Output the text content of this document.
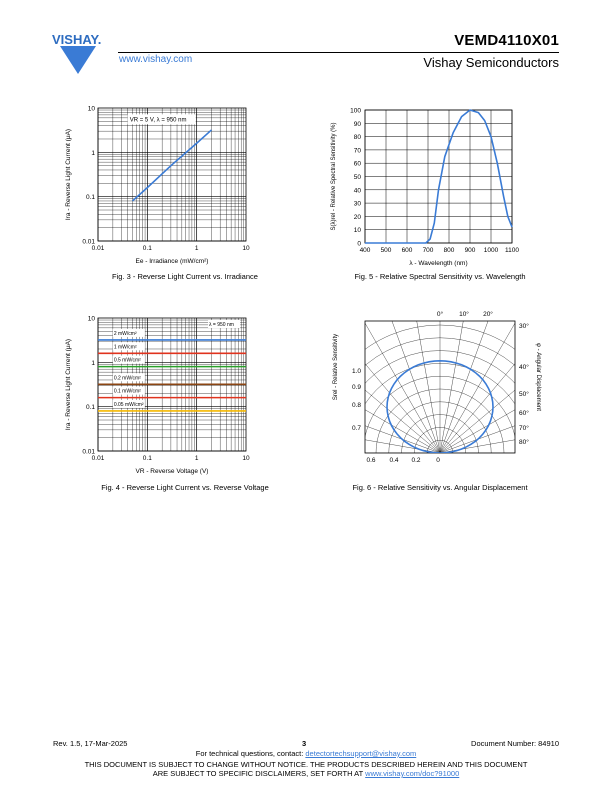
VISHAY.	VEMD4110X01
www.vishay.com	Vishay Semiconductors
0.01	0.1	1	10
0.01
0.1
1
10
Ee - Irradiance (mW/cm²)
Ira - Reverse Light Current (μA)
VR = 5 V, λ = 950 nm
Fig. 3 - Reverse Light Current vs. Irradiance
400 500 600 700 800 900 1000 1100
0
10
20
30
40
50
60
70
80
90
100
λ - Wavelength (nm)
S(λ)rel - Relative Spectral Sensitivity (%)
Fig. 5 - Relative Spectral Sensitivity vs. Wavelength
0.01	0.1	1	10
0.01
0.1
1
10
VR - Reverse Voltage (V)
Ira - Reverse Light Current (μA)
2 mW/cm²
1 mW/cm²
0.5 mW/cm²
0.2 mW/cm²
0.1 mW/cm²
0.05 mW/cm²
λ = 950 nm
Fig. 4 - Reverse Light Current vs. Reverse Voltage
0° 10° 20°
30°
40°
50°
60°
70°
80°
1.0
0.9
0.8
0.7
0.6 0.4 0.2 0
Srel - Relative Sensitivity	φ - Angular Displacement
Fig. 6 - Relative Sensitivity vs. Angular Displacement
Rev. 1.5, 17-Mar-2025	3	Document Number: 84910
For technical questions, contact: detectortechsupport@vishay.com
THIS DOCUMENT IS SUBJECT TO CHANGE WITHOUT NOTICE. THE PRODUCTS DESCRIBED HEREIN AND THIS DOCUMENT
ARE SUBJECT TO SPECIFIC DISCLAIMERS, SET FORTH AT www.vishay.com/doc?91000
